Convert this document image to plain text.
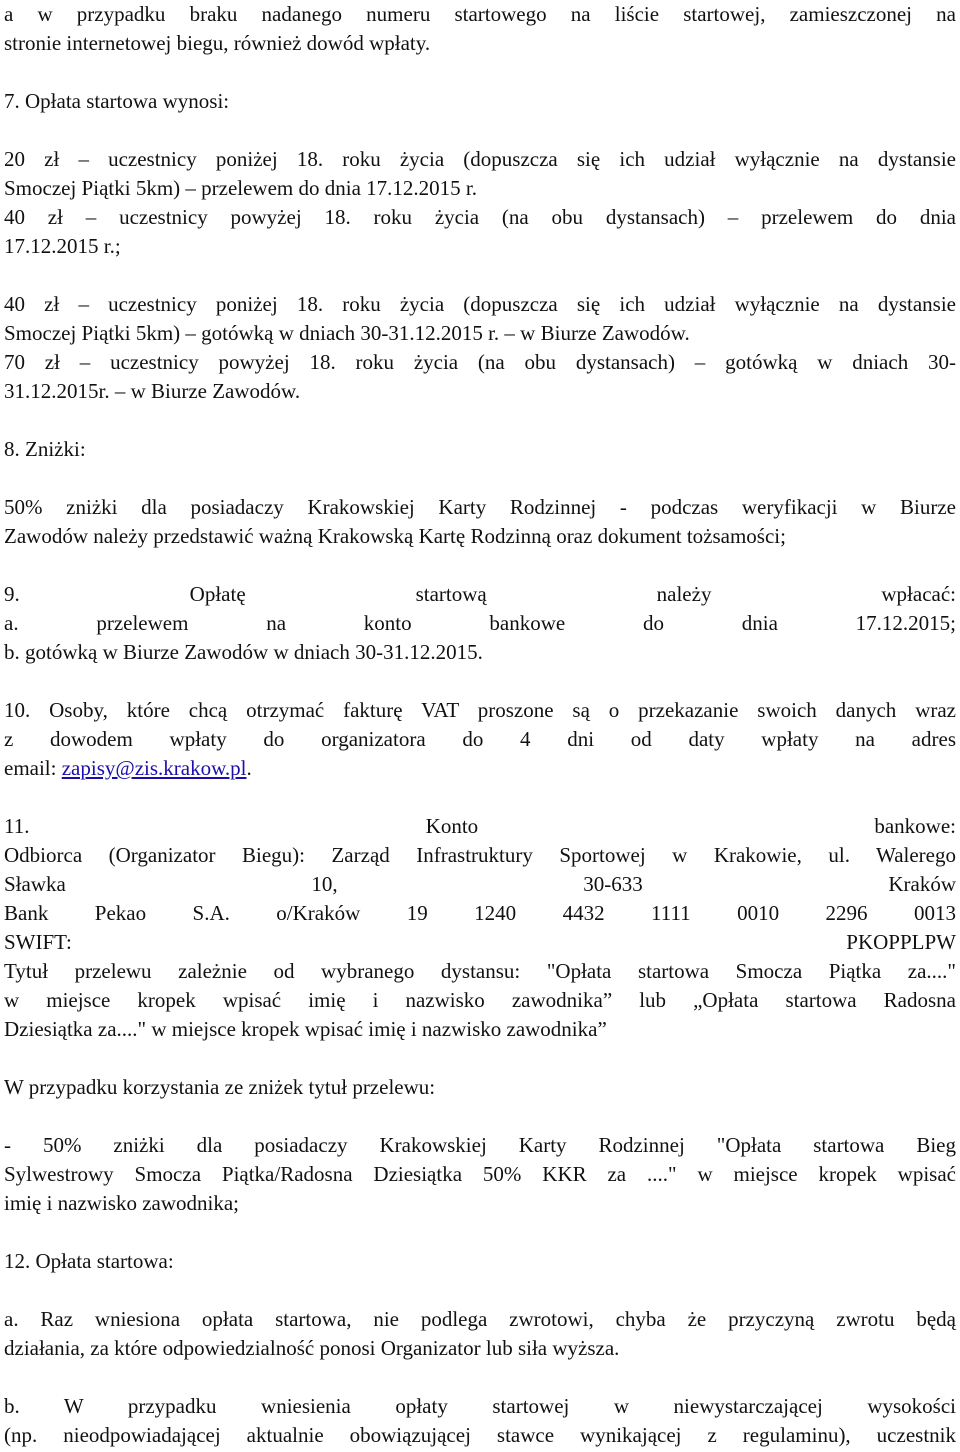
a w przypadku braku nadanego numeru startowego na liście startowej, zamieszczonej na
stronie internetowej biegu, również dowód wpłaty.
7. Opłata startowa wynosi:
20 zł – uczestnicy poniżej 18. roku życia (dopuszcza się ich udział wyłącznie na dystansie
Smoczej Piątki 5km) – przelewem do dnia 17.12.2015 r.
40 zł – uczestnicy powyżej 18. roku życia (na obu dystansach) – przelewem do dnia
17.12.2015 r.;
40 zł – uczestnicy poniżej 18. roku życia (dopuszcza się ich udział wyłącznie na dystansie
Smoczej Piątki 5km) – gotówką w dniach 30-31.12.2015 r. – w Biurze Zawodów.
70 zł – uczestnicy powyżej 18. roku życia (na obu dystansach) – gotówką w dniach 30-
31.12.2015r. – w Biurze Zawodów.
8. Zniżki:
50% zniżki dla posiadaczy Krakowskiej Karty Rodzinnej - podczas weryfikacji w Biurze
Zawodów należy przedstawić ważną Krakowską Kartę Rodzinną oraz dokument tożsamości;
9. Opłatę startową należy wpłacać:
a. przelewem na konto bankowe do dnia 17.12.2015;
b. gotówką w Biurze Zawodów w dniach 30-31.12.2015.
10. Osoby, które chcą otrzymać fakturę VAT proszone są o przekazanie swoich danych wraz
z dowodem wpłaty do organizatora do 4 dni od daty wpłaty na adres
email: zapisy@zis.krakow.pl.
11. Konto bankowe:
Odbiorca (Organizator Biegu): Zarząd Infrastruktury Sportowej w Krakowie, ul. Walerego
Sławka 10, 30-633 Kraków
Bank Pekao S.A. o/Kraków 19 1240 4432 1111 0010 2296 0013
SWIFT: PKOPPLPW
Tytuł przelewu zależnie od wybranego dystansu: "Opłata startowa Smocza Piątka za...."
w miejsce kropek wpisać imię i nazwisko zawodnika” lub „Opłata startowa Radosna
Dziesiątka za...." w miejsce kropek wpisać imię i nazwisko zawodnika”
W przypadku korzystania ze zniżek tytuł przelewu:
- 50% zniżki dla posiadaczy Krakowskiej Karty Rodzinnej "Opłata startowa Bieg
Sylwestrowy Smocza Piątka/Radosna Dziesiątka 50% KKR za ...." w miejsce kropek wpisać
imię i nazwisko zawodnika;
12. Opłata startowa:
a. Raz wniesiona opłata startowa, nie podlega zwrotowi, chyba że przyczyną zwrotu będą
działania, za które odpowiedzialność ponosi Organizator lub siła wyższa.
b. W przypadku wniesienia opłaty startowej w niewystarczającej wysokości
(np. nieodpowiadającej aktualnie obowiązującej stawce wynikającej z regulaminu), uczestnik
